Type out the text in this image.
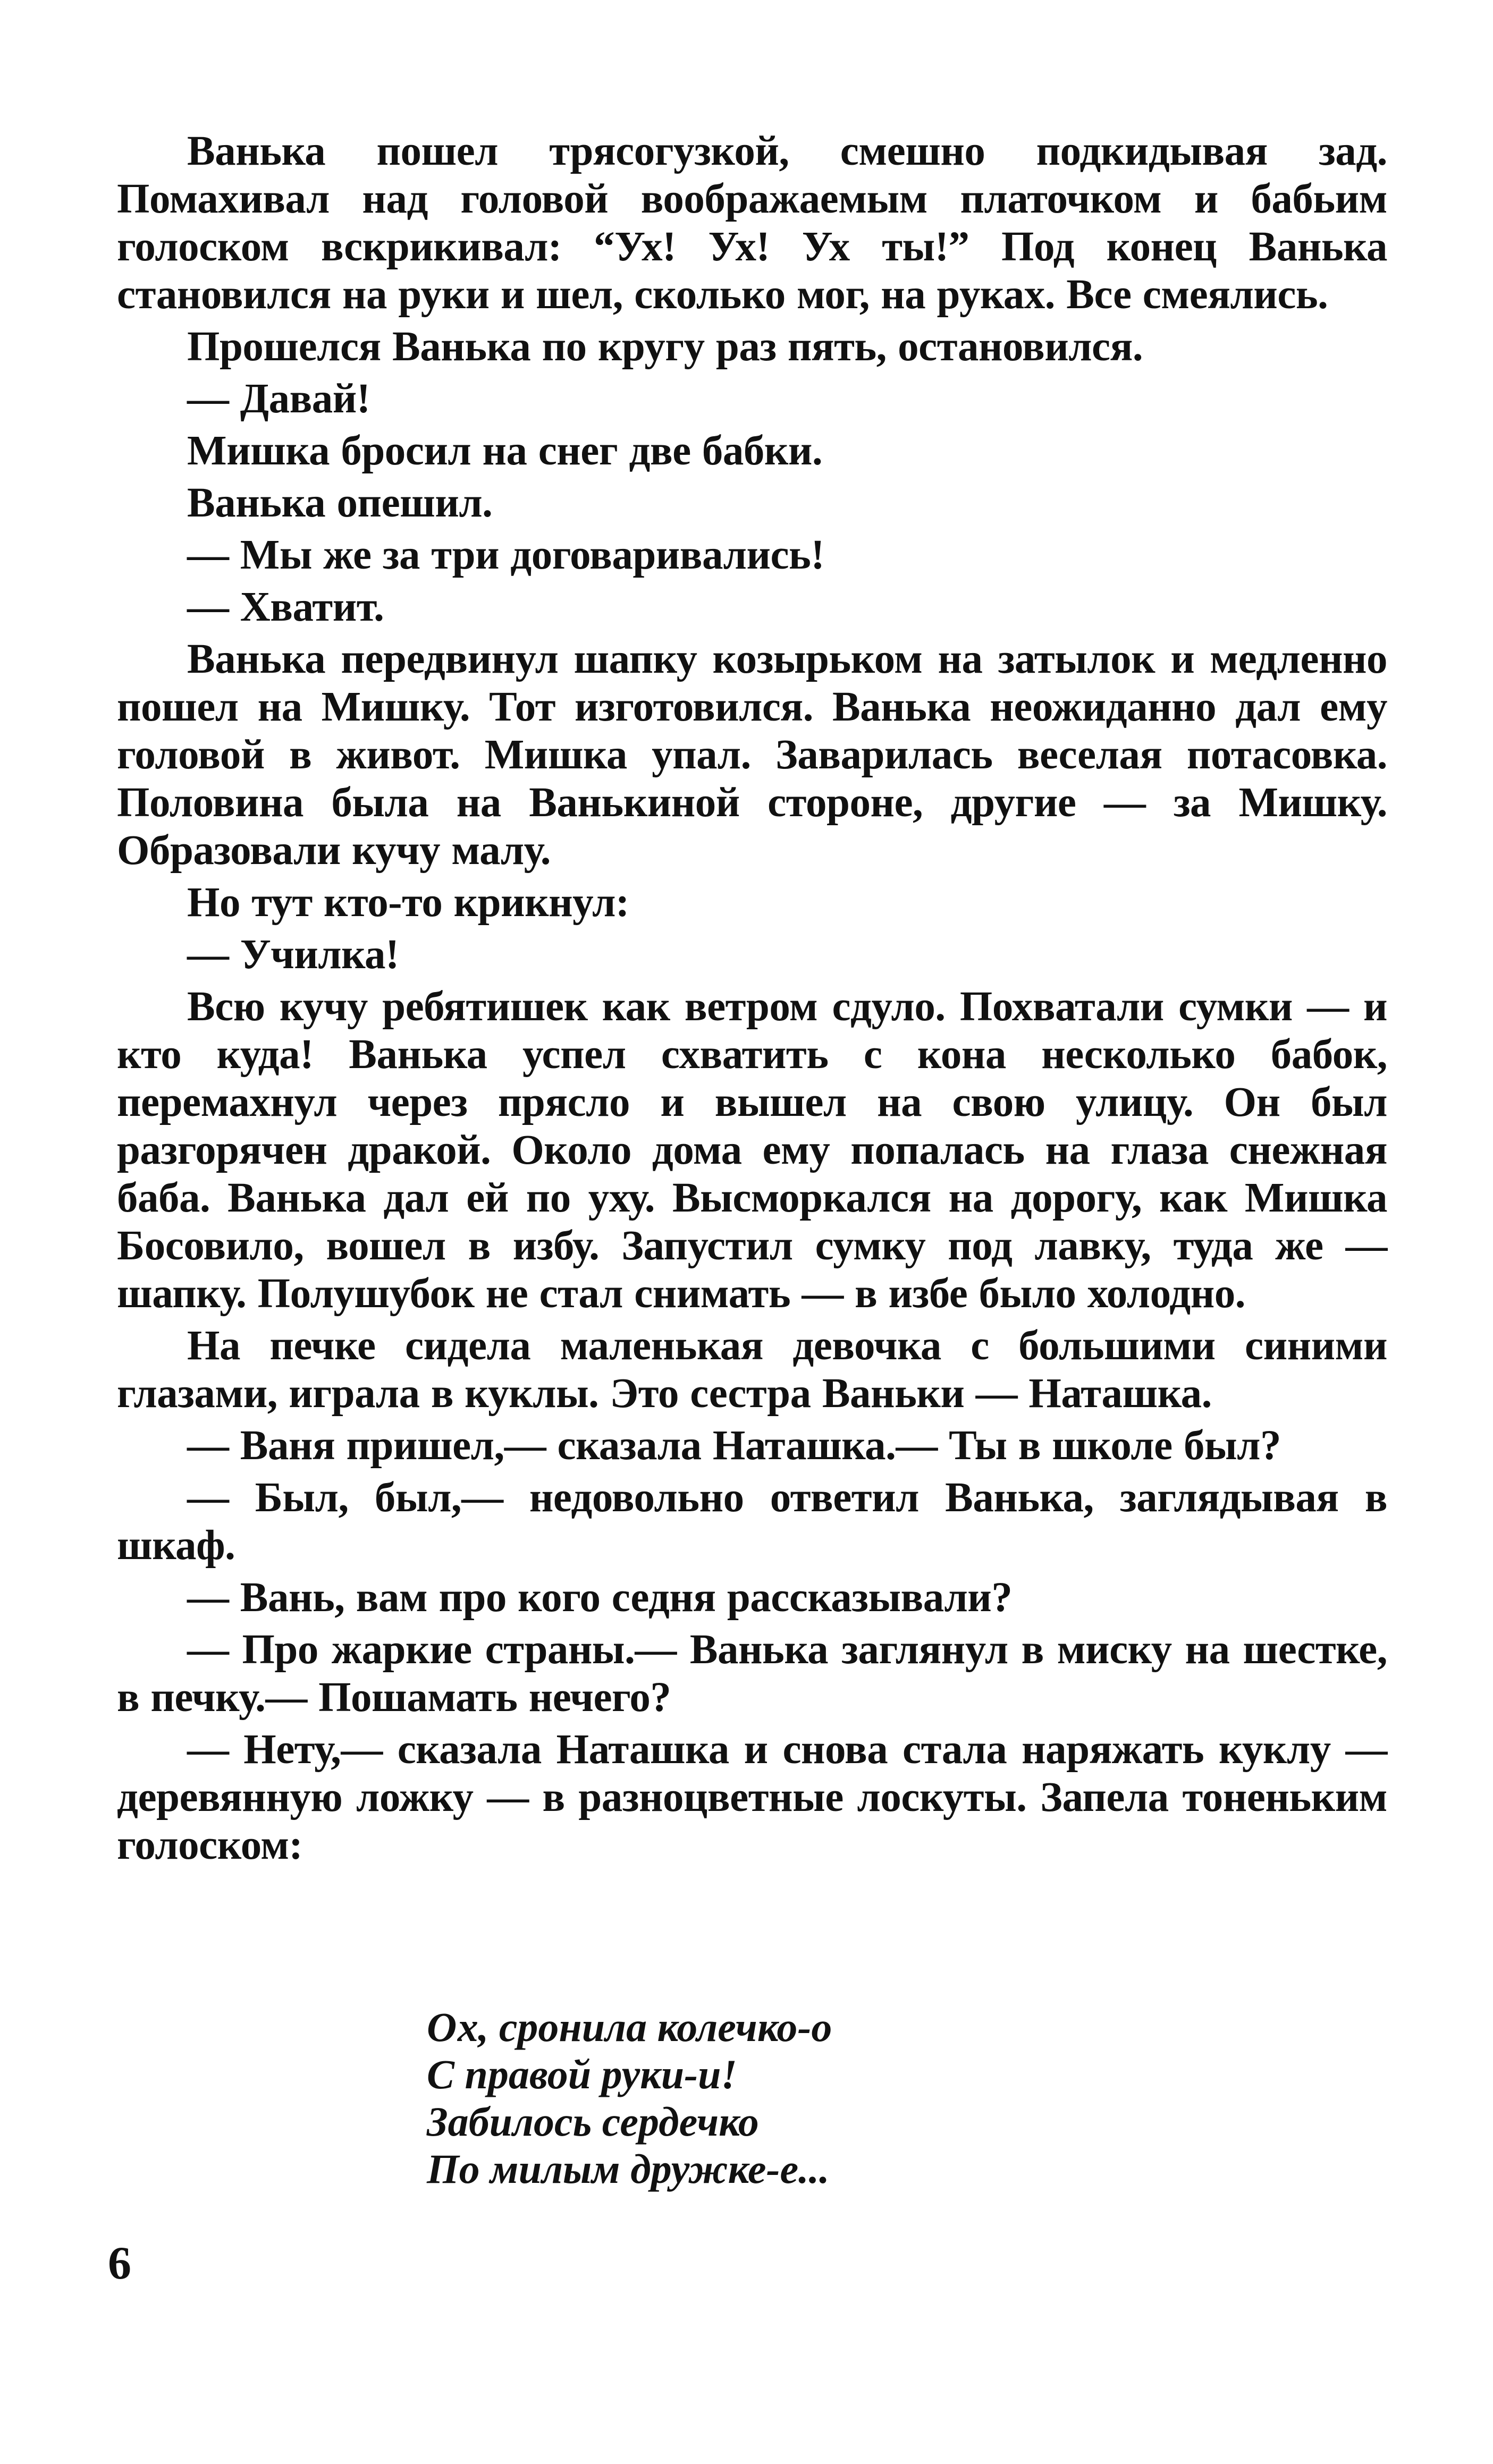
Ванька пошел трясогузкой, смешно подкидывая зад. Помахивал над головой воображаемым платочком и бабьим голоском вскрикивал: “Ух! Ух! Ух ты!” Под конец Ванька становился на руки и шел, сколько мог, на руках. Все смеялись.

Прошелся Ванька по кругу раз пять, остановился.

— Давай!

Мишка бросил на снег две бабки.

Ванька опешил.

— Мы же за три договаривались!

— Хватит.

Ванька передвинул шапку козырьком на затылок и медленно пошел на Мишку. Тот изготовился. Ванька неожиданно дал ему головой в живот. Мишка упал. Заварилась веселая потасовка. Половина была на Ванькиной стороне, другие — за Мишку. Образовали кучу малу.

Но тут кто-то крикнул:

— Училка!

Всю кучу ребятишек как ветром сдуло. Похватали сумки — и кто куда! Ванька успел схватить с кона несколько бабок, перемахнул через прясло и вышел на свою улицу. Он был разгорячен дракой. Около дома ему попалась на глаза снежная баба. Ванька дал ей по уху. Высморкался на дорогу, как Мишка Босовило, вошел в избу. Запустил сумку под лавку, туда же — шапку. Полушубок не стал снимать — в избе было холодно.

На печке сидела маленькая девочка с большими синими глазами, играла в куклы. Это сестра Ваньки — Наташка.

— Ваня пришел,— сказала Наташка.— Ты в школе был?

— Был, был,— недовольно ответил Ванька, заглядывая в шкаф.

— Вань, вам про кого седня рассказывали?

— Про жаркие страны.— Ванька заглянул в миску на шестке, в печку.— Пошамать нечего?

— Нету,— сказала Наташка и снова стала наряжать куклу — деревянную ложку — в разноцветные лоскуты. Запела тоненьким голоском:

Ох, сронила колечко-о

С правой руки-и!

Забилось сердечко

По милым дружке-е...

6
